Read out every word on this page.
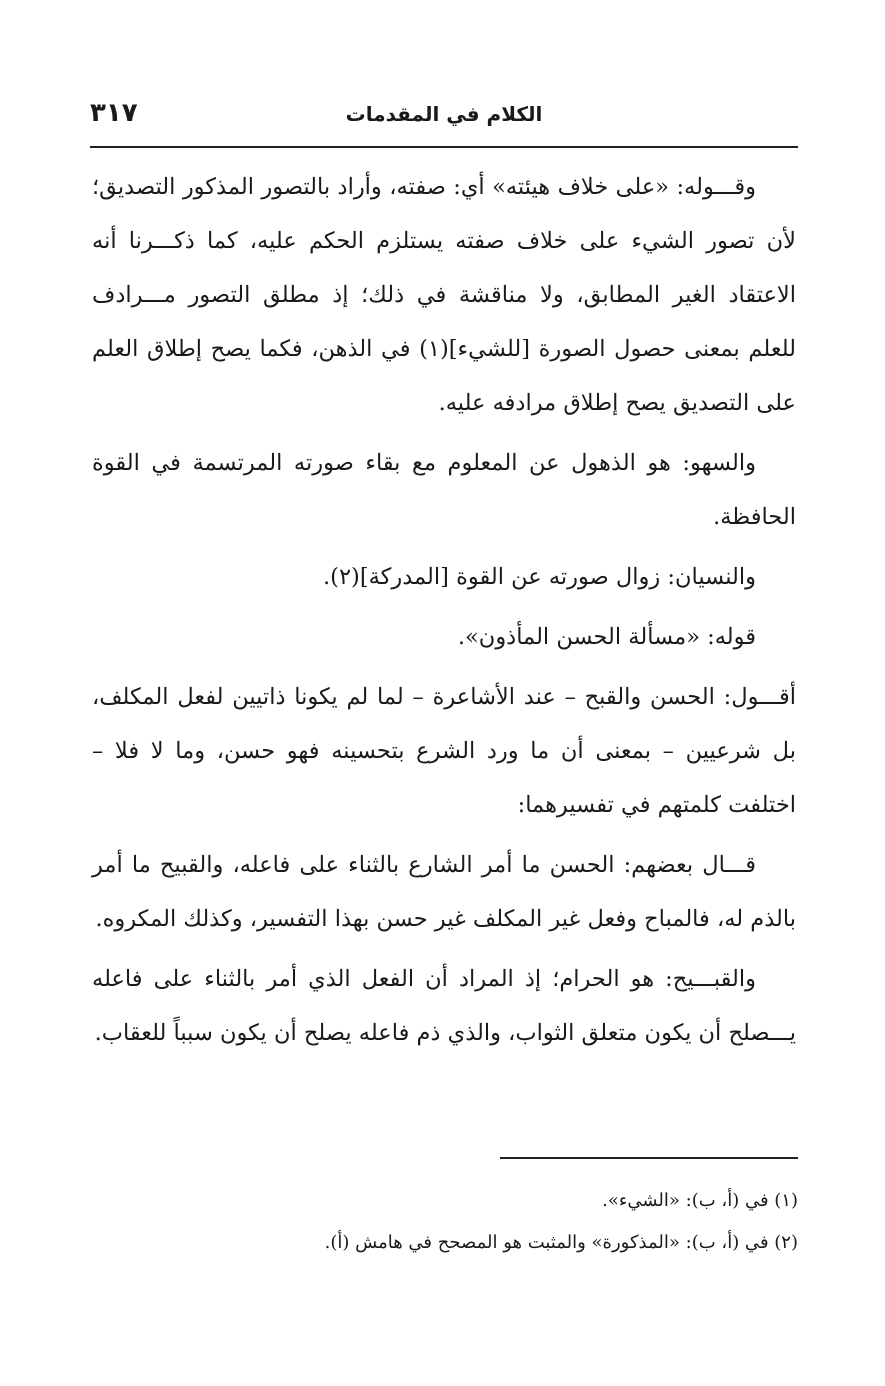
الكلام في المقدمات
٣١٧

وقـــوله: «على خلاف هيئته» أي: صفته، وأراد بالتصور المذكور التصديق؛ لأن تصور الشيء على خلاف صفته يستلزم الحكم عليه، كما ذكـــرنا أنه الاعتقاد الغير المطابق، ولا مناقشة في ذلك؛ إذ مطلق التصور مـــرادف للعلم بمعنى حصول الصورة [للشيء](١) في الذهن، فكما يصح إطلاق العلم على التصديق يصح إطلاق مرادفه عليه.

والسهو: هو الذهول عن المعلوم مع بقاء صورته المرتسمة في القوة الحافظة.

والنسيان: زوال صورته عن القوة [المدركة](٢).

قوله: «مسألة الحسن المأذون».

أقـــول: الحسن والقبح – عند الأشاعرة – لما لم يكونا ذاتيين لفعل المكلف، بل شرعيين – بمعنى أن ما ورد الشرع بتحسينه فهو حسن، وما لا فلا – اختلفت كلمتهم في تفسيرهما:

قـــال بعضهم: الحسن ما أمر الشارع بالثناء على فاعله، والقبيح ما أمر بالذم له، فالمباح وفعل غير المكلف غير حسن بهذا التفسير، وكذلك المكروه.

والقبـــيح: هو الحرام؛ إذ المراد أن الفعل الذي أمر بالثناء على فاعله يـــصلح أن يكون متعلق الثواب، والذي ذم فاعله يصلح أن يكون سبباً للعقاب.

(١) في (أ، ب): «الشيء».
(٢) في (أ، ب): «المذكورة» والمثبت هو المصحح في هامش (أ).
